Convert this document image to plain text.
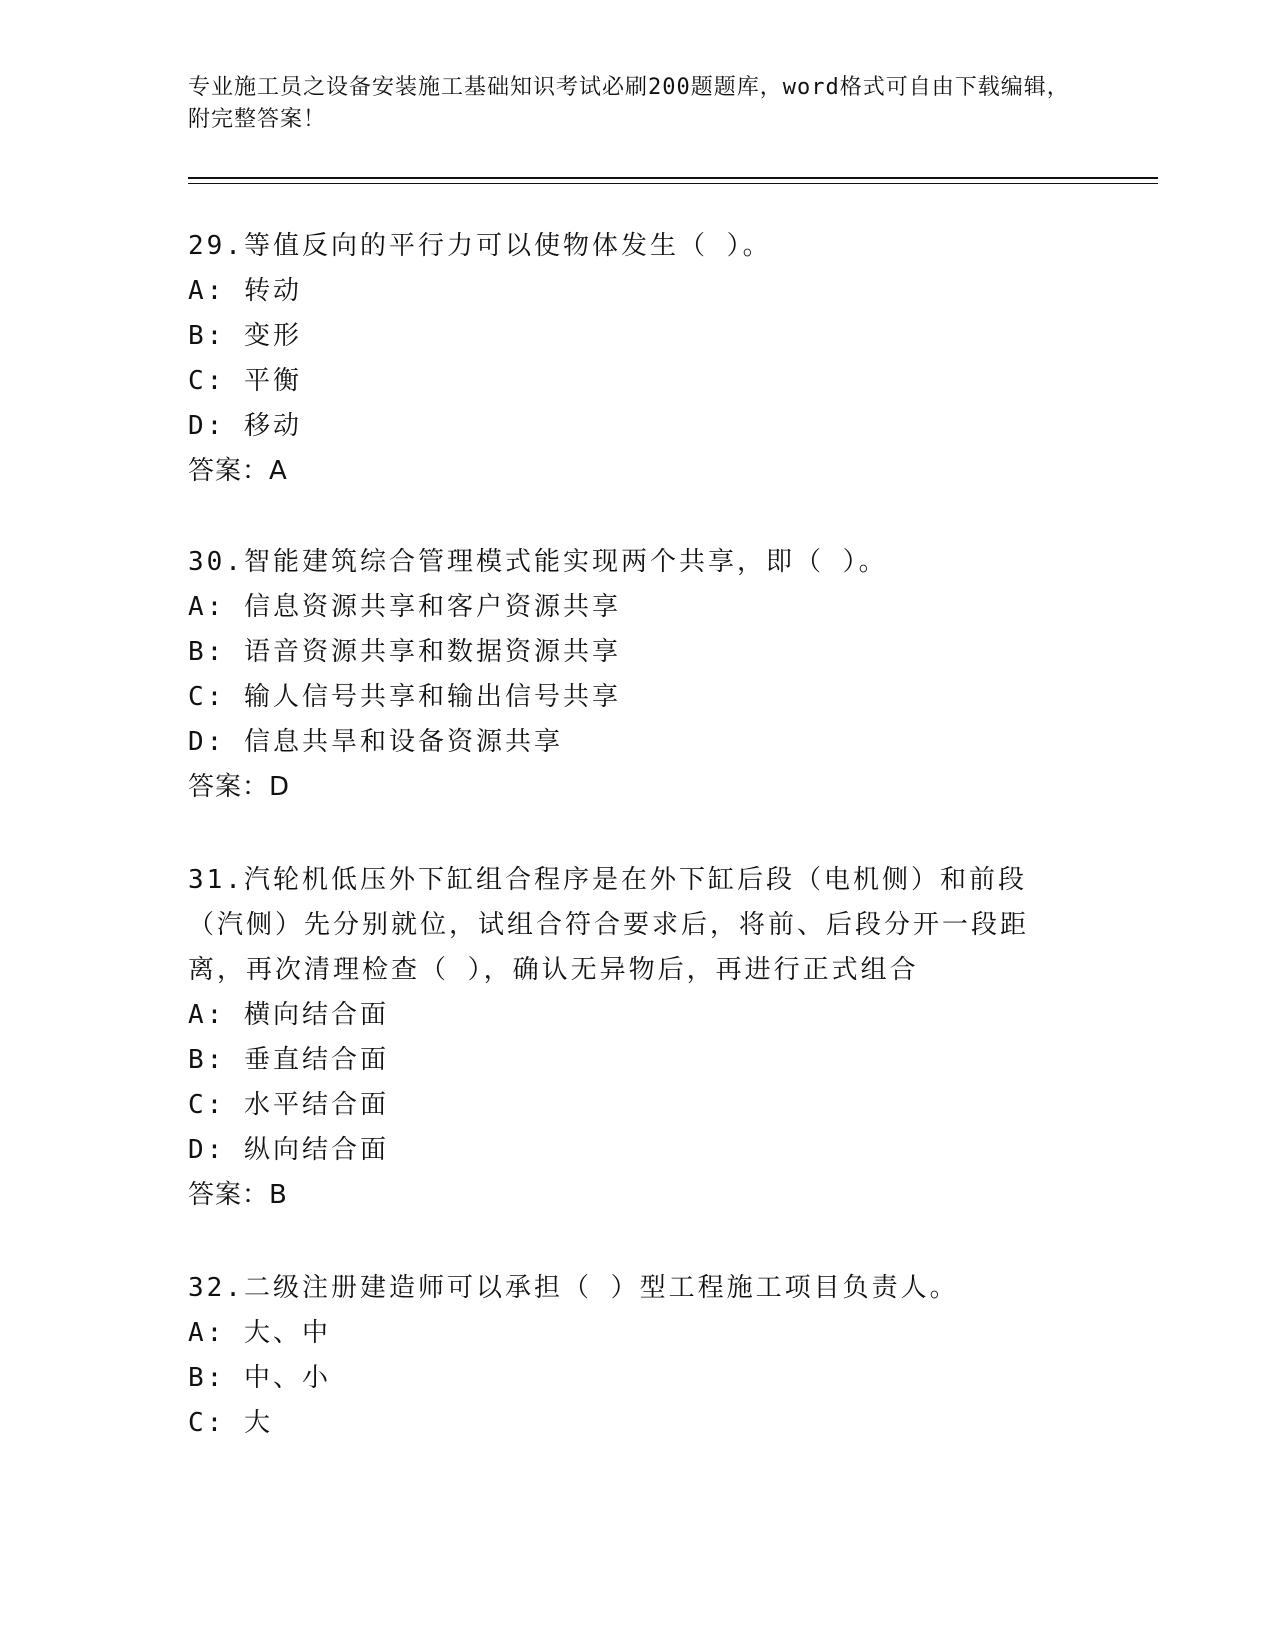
专业施工员之设备安装施工基础知识考试必刷200题题库，word格式可自由下载编辑，附完整答案！
29.等值反向的平行力可以使物体发生（ ）。
A: 转动
B: 变形
C: 平衡
D: 移动
答案：A
30.智能建筑综合管理模式能实现两个共享，即（ ）。
A: 信息资源共享和客户资源共享
B: 语音资源共享和数据资源共享
C: 输人信号共享和输出信号共享
D: 信息共旱和设备资源共享
答案：D
31.汽轮机低压外下缸组合程序是在外下缸后段（电机侧）和前段（汽侧）先分别就位，试组合符合要求后，将前、后段分开一段距离，再次清理检查（ ），确认无异物后，再进行正式组合
A: 横向结合面
B: 垂直结合面
C: 水平结合面
D: 纵向结合面
答案：B
32.二级注册建造师可以承担（ ）型工程施工项目负责人。
A: 大、中
B: 中、小
C: 大
